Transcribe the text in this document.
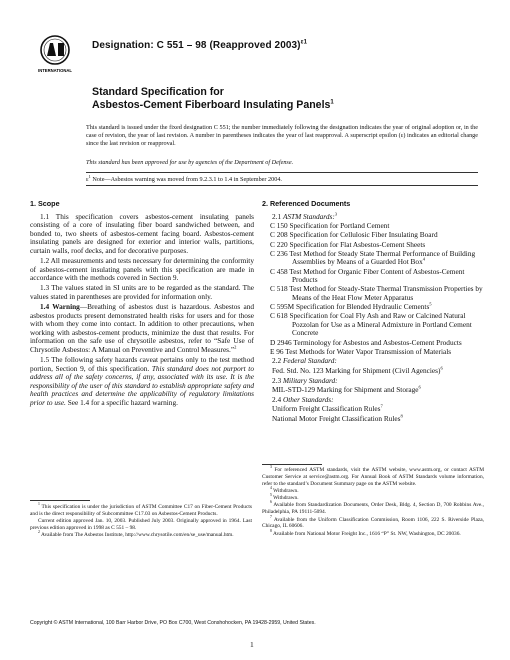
INTERNATIONAL
Designation: C 551 – 98 (Reapproved 2003)$^{\varepsilon 1}$
Standard Specification for
Asbestos-Cement Fiberboard Insulating Panels$^1$
This standard is issued under the fixed designation C 551; the number immediately following the designation indicates the year of original adoption or, in the case of revision, the year of last revision. A number in parentheses indicates the year of last reapproval. A superscript epsilon (ε) indicates an editorial change since the last revision or reapproval.
This standard has been approved for use by agencies of the Department of Defense.
$\varepsilon^1$ Note—Asbestos warning was moved from 9.2.3.1 to 1.4 in September 2004.
1. Scope

1.1 This specification covers asbestos-cement insulating panels consisting of a core of insulating fiber board sandwiched between, and bonded to, two sheets of asbestos-cement facing board. Asbestos-cement insulating panels are designed for exterior and interior walls, partitions, curtain walls, roof decks, and for decorative purposes.

1.2 All measurements and tests necessary for determining the conformity of asbestos-cement insulating panels with this specification are made in accordance with the methods covered in Section 9.

1.3 The values stated in SI units are to be regarded as the standard. The values stated in parentheses are provided for information only.

1.4 Warning—Breathing of asbestos dust is hazardous. Asbestos and asbestos products present demonstrated health risks for users and for those with whom they come into contact. In addition to other precautions, when working with asbestos-cement products, minimize the dust that results. For information on the safe use of chrysotile asbestos, refer to “Safe Use of Chrysotile Asbestos: A Manual on Preventive and Control Measures.”$^2$

1.5 The following safety hazards caveat pertains only to the test method portion, Section 9, of this specification. This standard does not purport to address all of the safety concerns, if any, associated with its use. It is the responsibility of the user of this standard to establish appropriate safety and health practices and determine the applicability of regulatory limitations prior to use. See 1.4 for a specific hazard warning.

2. Referenced Documents
2.1 ASTM Standards:$^3$
C 150 Specification for Portland Cement
C 208 Specification for Cellulosic Fiber Insulating Board
C 220 Specification for Flat Asbestos-Cement Sheets
C 236 Test Method for Steady State Thermal Performance of Building Assemblies by Means of a Guarded Hot Box$^4$
C 458 Test Method for Organic Fiber Content of Asbestos-Cement Products
C 518 Test Method for Steady-State Thermal Transmission Properties by Means of the Heat Flow Meter Apparatus
C 595M Specification for Blended Hydraulic Cements$^5$
C 618 Specification for Coal Fly Ash and Raw or Calcined Natural Pozzolan for Use as a Mineral Admixture in Portland Cement Concrete
D 2946 Terminology for Asbestos and Asbestos-Cement Products
E 96 Test Methods for Water Vapor Transmission of Materials
2.2 Federal Standard:
Fed. Std. No. 123 Marking for Shipment (Civil Agencies)$^6$
2.3 Military Standard:
MIL-STD-129 Marking for Shipment and Storage$^6$
2.4 Other Standards:
Uniform Freight Classification Rules$^7$
National Motor Freight Classification Rules$^8$

$^1$ This specification is under the jurisdiction of ASTM Committee C17 on Fiber-Cement Products and is the direct responsibility of Subcommittee C17.03 on Asbestos-Cement Products.

Current edition approved Jan. 10, 2003. Published July 2003. Originally approved in 1964. Last previous edition approved in 1998 as C 551 – 98.

$^2$ Available from The Asbestos Institute, http://www.chrysotile.com/en/se_use/manual.htm.

$^3$ For referenced ASTM standards, visit the ASTM website, www.astm.org, or contact ASTM Customer Service at service@astm.org. For Annual Book of ASTM Standards volume information, refer to the standard’s Document Summary page on the ASTM website.

$^4$ Withdrawn.

$^5$ Withdrawn.

$^6$ Available from Standardization Documents, Order Desk, Bldg. 4, Section D, 700 Robbins Ave., Philadelphia, PA 19111-5094.

$^7$ Available from the Uniform Classification Commission, Room 1106, 222 S. Riverside Plaza, Chicago, IL 60606.

$^8$ Available from National Motor Freight Inc., 1616 “P” St. NW, Washington, DC 20036.

Copyright © ASTM International, 100 Barr Harbor Drive, PO Box C700, West Conshohocken, PA 19428-2959, United States.
1
